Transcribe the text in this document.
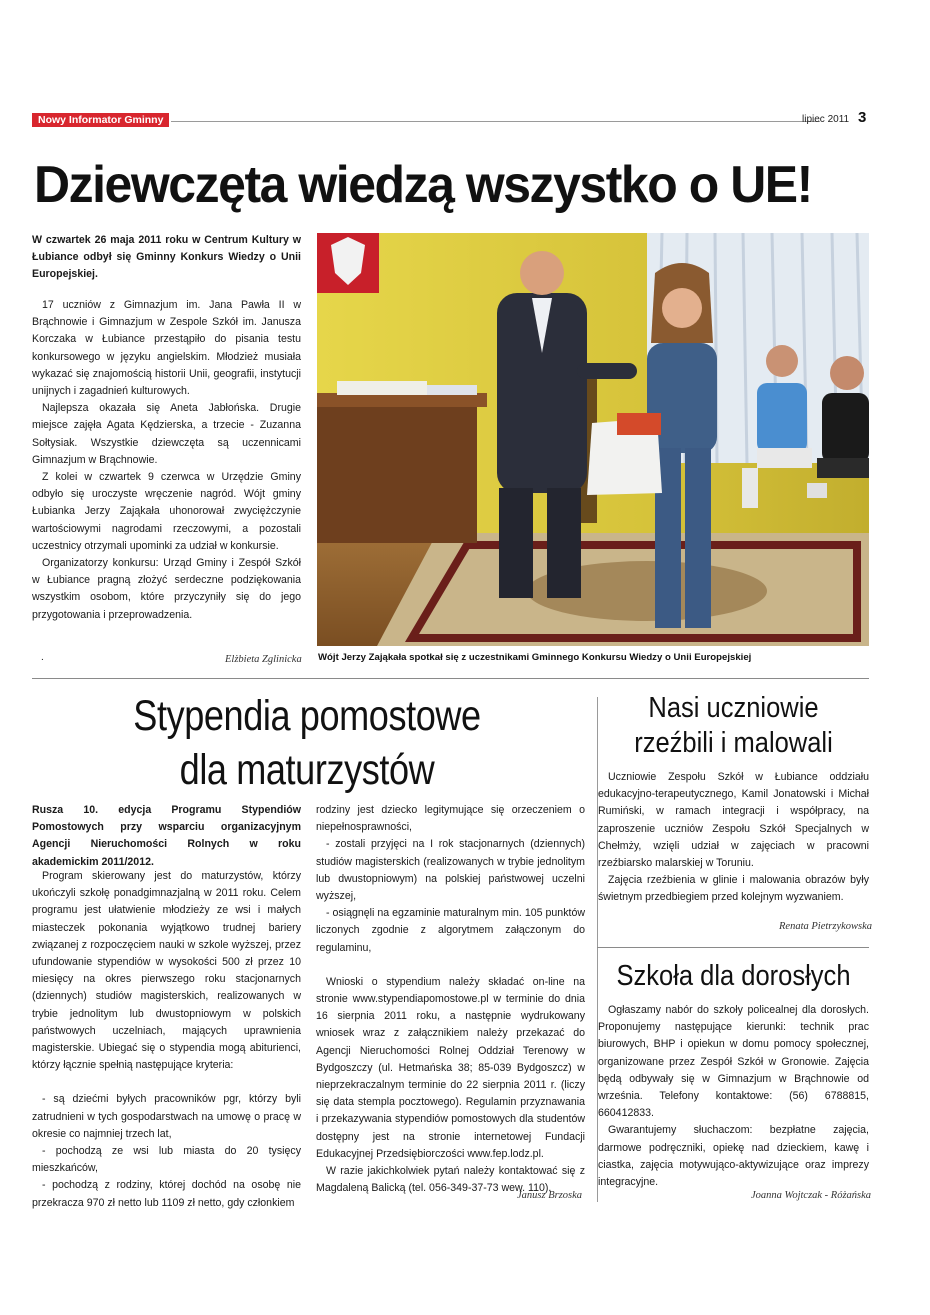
Nowy Informator Gminny	lipiec 2011 3
Dziewczęta wiedzą wszystko o UE!

W czwartek 26 maja 2011 roku w Centrum Kultury w Łubiance odbył się Gminny Konkurs Wiedzy o Unii Europejskiej.

17 uczniów z Gimnazjum im. Jana Pawła II w Brąchnowie i Gimnazjum w Zespole Szkół im. Janusza Korczaka w Łubiance przestąpiło do pisania testu konkursowego w języku angielskim. Młodzież musiała wykazać się znajomością historii Unii, geografii, instytucji unijnych i zagadnień kulturowych.

Najlepsza okazała się Aneta Jabłońska. Drugie miejsce zajęła Agata Kędzierska, a trzecie - Zuzanna Sołtysiak. Wszystkie dziewczęta są uczennicami Gimnazjum w Brąchnowie.

Z kolei w czwartek 9 czerwca w Urzędzie Gminy odbyło się uroczyste wręczenie nagród. Wójt gminy Łubianka Jerzy Zająkała uhonorował zwyciężczynie wartościowymi nagrodami rzeczowymi, a pozostali uczestnicy otrzymali upominki za udział w konkursie.

Organizatorzy konkursu: Urząd Gminy i Zespół Szkół w Łubiance pragną złożyć serdeczne podziękowania wszystkim osobom, które przyczyniły się do jego przygotowania i przeprowadzenia.

.	Elżbieta Zglinicka Wójt Jerzy Zająkała spotkał się z uczestnikami Gminnego Konkursu Wiedzy o Unii Europejskiej
Stypendia pomostowe
dla maturzystów

Rusza 10. edycja Programu Stypendiów Pomostowych przy wsparciu organizacyjnym Agencji Nieruchomości Rolnych w roku akademickim 2011/2012.

Program skierowany jest do maturzystów, którzy ukończyli szkołę ponadgimnazjalną w 2011 roku. Celem programu jest ułatwienie młodzieży ze wsi i małych miasteczek pokonania wyjątkowo trudnej bariery związanej z rozpoczęciem nauki w szkole wyższej, przez ufundowanie stypendiów w wysokości 500 zł przez 10 miesięcy na okres pierwszego roku stacjonarnych (dziennych) studiów magisterskich, realizowanych w trybie jednolitym lub dwustopniowym w polskich państwowych uczelniach, mających uprawnienia magisterskie. Ubiegać się o stypendia mogą abiturienci, którzy łącznie spełnią następujące kryteria:

- są dziećmi byłych pracowników pgr, którzy byli zatrudnieni w tych gospodarstwach na umowę o pracę w okresie co najmniej trzech lat,

- pochodzą ze wsi lub miasta do 20 tysięcy mieszkańców,

- pochodzą z rodziny, której dochód na osobę nie przekracza 970 zł netto lub 1109 zł netto, gdy członkiem

rodziny jest dziecko legitymujące się orzeczeniem o niepełnosprawności,

- zostali przyjęci na I rok stacjonarnych (dziennych) studiów magisterskich (realizowanych w trybie jednolitym lub dwustopniowym) na polskiej państwowej uczelni wyższej,

- osiągnęli na egzaminie maturalnym min. 105 punktów liczonych zgodnie z algorytmem załączonym do regulaminu,

Wnioski o stypendium należy składać on-line na stronie www.stypendiapomostowe.pl w terminie do dnia 16 sierpnia 2011 roku, a następnie wydrukowany wniosek wraz z załącznikiem należy przekazać do Agencji Nieruchomości Rolnej Oddział Terenowy w Bydgoszczy (ul. Hetmańska 38; 85-039 Bydgoszcz) w nieprzekraczalnym terminie do 22 sierpnia 2011 r. (liczy się data stempla pocztowego). Regulamin przyznawania i przekazywania stypendiów pomostowych dla studentów dostępny jest na stronie internetowej Fundacji Edukacyjnej Przedsiębiorczości www.fep.lodz.pl.

W razie jakichkolwiek pytań należy kontaktować się z Magdaleną Balicką (tel. 056-349-37-73 wew. 110).

Janusz Brzoska
Nasi uczniowie
rzeźbili i malowali

Uczniowie Zespołu Szkół w Łubiance oddziału edukacyjno-terapeutycznego, Kamil Jonatowski i Michał Rumiński, w ramach integracji i współpracy, na zaproszenie uczniów Zespołu Szkół Specjalnych w Chełmży, wzięli udział w zajęciach w pracowni rzeźbiarsko malarskiej w Toruniu.

Zajęcia rzeźbienia w glinie i malowania obrazów były świetnym przedbiegiem przed kolejnym wyzwaniem.

Renata Pietrzykowska
Szkoła dla dorosłych

Ogłaszamy nabór do szkoły policealnej dla dorosłych. Proponujemy następujące kierunki: technik prac biurowych, BHP i opiekun w domu pomocy społecznej, organizowane przez Zespół Szkół w Gronowie. Zajęcia będą odbywały się w Gimnazjum w Brąchnowie od września. Telefony kontaktowe: (56) 6788815, 660412833.

Gwarantujemy słuchaczom: bezpłatne zajęcia, darmowe podręczniki, opiekę nad dzieckiem, kawę i ciastka, zajęcia motywująco-aktywizujące oraz imprezy integracyjne.

Joanna Wojtczak - Różańska
